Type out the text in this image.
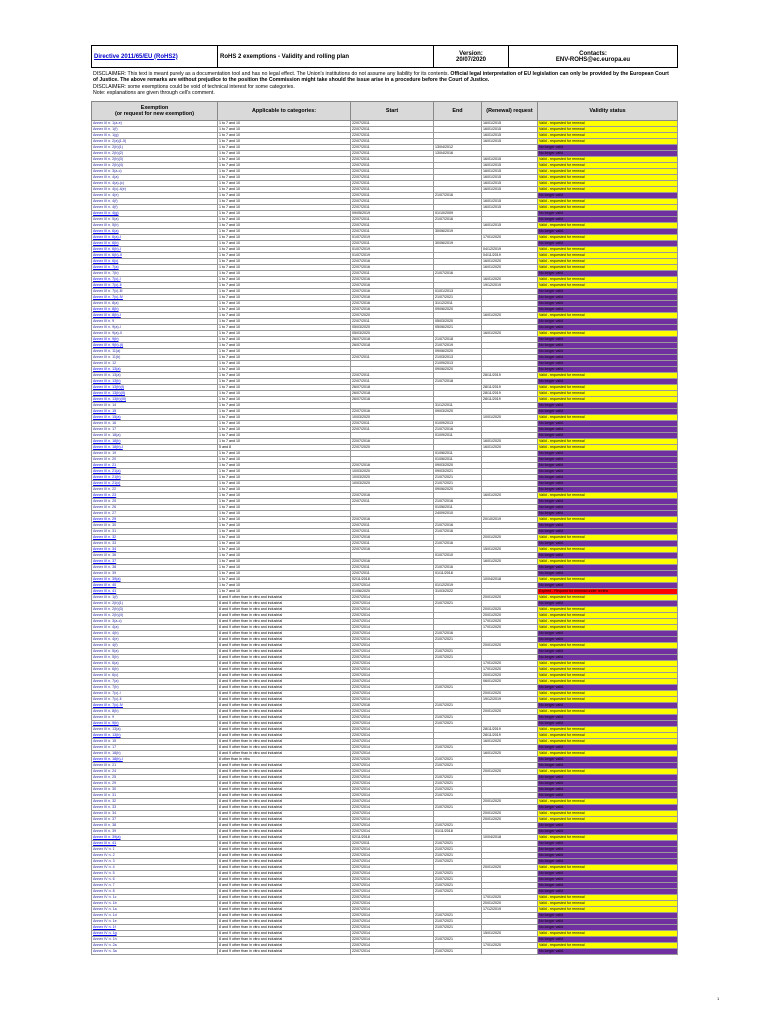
Directive 2011/65/EU (RoHS2)	RoHS 2 exemptions - Validity and rolling plan	Version:
20/07/2020

Contacts:
ENV-ROHS@ec.europa.eu
DISCLAIMER: This text is meant purely as a documentation tool and has no legal effect. The Union's institutions do not assume any liability for its contents. Official legal interpretation of EU legislation can only be provided by the European Court of Justice. The above remarks are without prejudice to the position the Commission might take should the issue arise in a procedure before the Court of Justice.
DISCLAIMER: some exemptions could be void of technical interest for some categories.
Note: explanations are given through cell's comment.
Exemption
(or request for new exemption)	Applicable to categories:	Start	End	(Renewal) request	Validity status
Annex III n. 1(a-e)	1 to 7 and 10	22/07/2011		16/01/2015	Valid - requested for renewal
Annex III n. 1(f)	1 to 7 and 10	22/07/2011		16/01/2015	Valid - requested for renewal
Annex III n. 1(g)	1 to 7 and 10	22/07/2011		16/01/2015	Valid - requested for renewal
Annex III n. 2(a)(1-5)	1 to 7 and 10	22/07/2011		16/01/2015	Valid - requested for renewal
Annex III n. 2(b)(1)	1 to 7 and 10	22/07/2011	13/04/2012		No longer valid
Annex III n. 2(b)(2)	1 to 7 and 10	22/07/2011	13/04/2016		No longer valid
Annex III n. 2(b)(3)	1 to 7 and 10	22/07/2011		16/01/2015	Valid - requested for renewal
Annex III n. 2(b)(4)	1 to 7 and 10	22/07/2011		16/01/2015	Valid - requested for renewal
Annex III n. 3(a-c)	1 to 7 and 10	22/07/2011		16/01/2015	Valid - requested for renewal
Annex III n. 4(a)	1 to 7 and 10	22/07/2011		16/01/2015	Valid - requested for renewal
Annex III n. 4(a)-(c)	1 to 7 and 10	22/07/2011		16/01/2015	Valid - requested for renewal
Annex III n. 4(c)-4(e)	1 to 7 and 10	22/07/2011		16/01/2015	Valid - requested for renewal
Annex III n. 4(e)	1 to 7 and 10	22/07/2011	21/07/2016		No longer valid
Annex III n. 4(f)	1 to 7 and 10	22/07/2011		16/01/2015	Valid - requested for renewal
Annex III n. 4(f)	1 to 7 and 10	22/07/2011		16/01/2015	Valid - requested for renewal
Annex III n. 4(g)	1 to 7 and 10	09/05/2019	01/10/2009		No longer valid
Annex III n. 5(a)	1 to 7 and 10	22/07/2011	21/07/2016		No longer valid
Annex III n. 5(b)	1 to 7 and 10	22/07/2011		16/01/2015	Valid - requested for renewal
Annex III n. 6(a)	1 to 7 and 10	22/07/2011	30/06/2019		No longer valid
Annex III n. 6(a)-I	1 to 7 and 10	01/07/2019		17/01/2020	Valid - requested for renewal
Annex III n. 6(b)	1 to 7 and 10	22/07/2011	30/06/2019		No longer valid
Annex III n. 6(b)-I	1 to 7 and 10	01/07/2019		04/12/2019	Valid - requested for renewal
Annex III n. 6(b)-II	1 to 7 and 10	01/07/2019		04/11/2019	Valid - requested for renewal
Annex III n. 6(c)	1 to 7 and 10	22/07/2016		16/01/2020	Valid - requested for renewal
Annex III n. 7(a)	1 to 7 and 10	22/07/2016		16/01/2020	Valid - requested for renewal
Annex III n. 7(b)	1 to 7 and 10	22/07/2011	21/07/2016		No longer valid
Annex III n. 7(c)-I	1 to 7 and 10	22/07/2016		16/01/2020	Valid - requested for renewal
Annex III n. 7(c)-II	1 to 7 and 10	22/07/2016		19/12/2019	Valid - requested for renewal
Annex III n. 7(c)-III	1 to 7 and 10	22/07/2016	01/01/2013		No longer valid
Annex III n. 7(c)-IV	1 to 7 and 10	22/07/2016	21/07/2021		No longer valid
Annex III n. 8(a)	1 to 7 and 10	22/07/2016	31/12/2011		No longer valid
Annex III n. 8(b)	1 to 7 and 10	22/07/2016	09/06/2020		No longer valid
Annex III n. 8(b)-I	1 to 7 and 10	22/07/2020		16/01/2020	Valid - requested for renewal
Annex III n. 9	1 to 7 and 10	22/07/2011	05/03/2020		No longer valid
Annex III n. 9(a)-I	1 to 7 and 10	05/03/2020	05/06/2021		No longer valid
Annex III n. 9(a)-II	1 to 7 and 10	05/03/2020		16/01/2020	Valid - requested for renewal
Annex III n. 9(b)	1 to 7 and 10	26/07/2018	21/07/2018		No longer valid
Annex III n. 9(b)-(I)	1 to 7 and 10	26/07/2018	21/07/2019		No longer valid
Annex III n. 11(a)	1 to 7 and 10		09/06/2020		No longer valid
Annex III n. 11(b)	1 to 7 and 10	22/07/2011	21/03/2013		No longer valid
Annex III n. 12	1 to 7 and 10		21/09/2013		No longer valid
Annex III n. 13(a)	1 to 7 and 10		09/06/2020		No longer valid
Annex III n. 13(a)	1 to 7 and 10	22/07/2011		28/11/2019	Valid - requested for renewal
Annex III n. 13(b)	1 to 7 and 10	22/07/2011	21/07/2018		No longer valid
Annex III n. 13(b)(I)	1 to 7 and 10	26/07/2018		28/11/2019	Valid - requested for renewal
Annex III n. 13(b)(II)	1 to 7 and 10	26/07/2018		28/11/2019	Valid - requested for renewal
Annex III n. 13(b)(III)	1 to 7 and 10	26/07/2018		28/11/2019	Valid - requested for renewal
Annex III n. 14	1 to 7 and 10		31/12/2011		No longer valid
Annex III n. 15	1 to 7 and 10	22/07/2016	09/03/2020		No longer valid
Annex III n. 15(a)	1 to 7 and 10	10/03/2020		10/01/2020	Valid - requested for renewal
Annex III n. 16	1 to 7 and 10	22/07/2011	01/09/2013		No longer valid
Annex III n. 17	1 to 7 and 10	22/07/2011	21/07/2016		No longer valid
Annex III n. 18(a)	1 to 7 and 10		01/09/2011		No longer valid
Annex III n. 18(b)	1 to 7 and 10	22/07/2016		16/01/2020	Valid - requested for renewal
Annex III n. 18(b)-I	5 and 8	22/07/2020		16/01/2020	Valid - requested for renewal
Annex III n. 19	1 to 7 and 10		01/06/2011		No longer valid
Annex III n. 20	1 to 7 and 10		01/06/2011		No longer valid
Annex III n. 21	1 to 7 and 10	22/07/2016	09/03/2020		No longer valid
Annex III n. 21(a)	1 to 7 and 10	10/03/2020	09/03/2021		No longer valid
Annex III n. 21(b)	1 to 7 and 10	10/03/2020	21/07/2021		No longer valid
Annex III n. 21(c)	1 to 7 and 10	10/03/2020	21/07/2021		No longer valid
Annex III n. 22	1 to 7 and 10		09/06/2020		No longer valid
Annex III n. 23	1 to 7 and 10	22/07/2016		16/01/2020	Valid - requested for renewal
Annex III n. 25	1 to 7 and 10	22/07/2011	21/07/2016		No longer valid
Annex III n. 26	1 to 7 and 10		01/06/2011		No longer valid
Annex III n. 27	1 to 7 and 10		24/09/2010		No longer valid
Annex III n. 29	1 to 7 and 10	22/07/2016		20/10/2019	Valid - requested for renewal
Annex III n. 30	1 to 7 and 10	22/07/2011	21/07/2016		No longer valid
Annex III n. 31	1 to 7 and 10	22/07/2011	21/07/2016		No longer valid
Annex III n. 32	1 to 7 and 10	22/07/2016		20/01/2020	Valid - requested for renewal
Annex III n. 33	1 to 7 and 10	22/07/2011	21/07/2016		No longer valid
Annex III n. 34	1 to 7 and 10	22/07/2016		15/01/2020	Valid - requested for renewal
Annex III n. 36	1 to 7 and 10		01/07/2010		No longer valid
Annex III n. 37	1 to 7 and 10	22/07/2016		16/01/2020	Valid - requested for renewal
Annex III n. 38	1 to 7 and 10	22/07/2011	21/07/2016		No longer valid
Annex III n. 39	1 to 7 and 10	22/07/2011	01/11/2018		No longer valid
Annex III n. 39(a)	1 to 7 and 10	02/11/2018		10/04/2018	Valid - requested for renewal
Annex III n. 40	1 to 7 and 10	22/07/2014	01/12/2019		No longer valid
Annex III n. 41	1 to 7 and 10	01/06/2020	31/03/2022		Expired - Request for renewal under review
Annex III n. 1(f)	8 and 9 other than in vitro and industrial	22/07/2014		20/01/2020	Valid - requested for renewal
Annex III n. 2(b)(1)	8 and 9 other than in vitro and industrial	22/07/2014	21/07/2021		No longer valid
Annex III n. 2(b)(3)	8 and 9 other than in vitro and industrial	22/07/2014		20/01/2020	Valid - requested for renewal
Annex III n. 2(b)(4)	8 and 9 other than in vitro and industrial	22/07/2014		20/01/2020	Valid - requested for renewal
Annex III n. 3(a-c)	8 and 9 other than in vitro and industrial	22/07/2014		17/01/2020	Valid - requested for renewal
Annex III n. 4(a)	8 and 9 other than in vitro and industrial	22/07/2014		17/01/2020	Valid - requested for renewal
Annex III n. 4(b)	8 and 9 other than in vitro and industrial	22/07/2014	21/07/2016		No longer valid
Annex III n. 4(e)	8 and 9 other than in vitro and industrial	22/07/2014	21/07/2021		No longer valid
Annex III n. 4(f)	8 and 9 other than in vitro and industrial	22/07/2014		20/01/2020	Valid - requested for renewal
Annex III n. 5(a)	8 and 9 other than in vitro and industrial	22/07/2014	21/07/2021		No longer valid
Annex III n. 5(b)	8 and 9 other than in vitro and industrial	22/07/2014	21/07/2021		No longer valid
Annex III n. 6(a)	8 and 9 other than in vitro and industrial	22/07/2014		17/01/2020	Valid - requested for renewal
Annex III n. 6(b)	8 and 9 other than in vitro and industrial	22/07/2014		17/01/2020	Valid - requested for renewal
Annex III n. 6(c)	8 and 9 other than in vitro and industrial	22/07/2014		20/01/2020	Valid - requested for renewal
Annex III n. 7(a)	8 and 9 other than in vitro and industrial	22/07/2014		06/01/2020	Valid - requested for renewal
Annex III n. 7(b)	8 and 9 other than in vitro and industrial	22/07/2014	21/07/2021		No longer valid
Annex III n. 7(c)-I	8 and 9 other than in vitro and industrial	22/07/2014		20/01/2020	Valid - requested for renewal
Annex III n. 7(c)-II	8 and 9 other than in vitro and industrial	22/07/2014		19/12/2019	Valid - requested for renewal
Annex III n. 7(c)-IV	8 and 9 other than in vitro and industrial	22/07/2016	21/07/2021		No longer valid
Annex III n. 8(b)	8 and 9 other than in vitro and industrial	22/07/2014		20/01/2020	Valid - requested for renewal
Annex III n. 9	8 and 9 other than in vitro and industrial	22/07/2014	21/07/2021		No longer valid
Annex III n. 9(b)	8 and 9 other than in vitro and industrial	22/07/2014	21/07/2021		No longer valid
Annex III n. 13(a)	8 and 9 other than in vitro and industrial	22/07/2014		28/11/2019	Valid - requested for renewal
Annex III n. 13(b)	8 and 9 other than in vitro and industrial	22/07/2014		28/11/2019	Valid - requested for renewal
Annex III n. 15	8 and 9 other than in vitro and industrial	22/07/2014		16/01/2020	Valid - requested for renewal
Annex III n. 17	8 and 9 other than in vitro and industrial	22/07/2014	21/07/2021		No longer valid
Annex III n. 18(b)	8 and 9 other than in vitro and industrial	22/07/2014		16/01/2020	Valid - requested for renewal
Annex III n. 18(b)-I	8 other than in vitro	22/07/2020	21/07/2021		No longer valid
Annex III n. 21	8 and 9 other than in vitro and industrial	22/07/2014	21/07/2021		No longer valid
Annex III n. 24	8 and 9 other than in vitro and industrial	22/07/2014		20/01/2020	Valid - requested for renewal
Annex III n. 25	8 and 9 other than in vitro and industrial	22/07/2014	21/07/2021		No longer valid
Annex III n. 29	8 and 9 other than in vitro and industrial	22/07/2014	21/07/2021		No longer valid
Annex III n. 30	8 and 9 other than in vitro and industrial	22/07/2014	21/07/2021		No longer valid
Annex III n. 31	8 and 9 other than in vitro and industrial	22/07/2014	21/07/2021		No longer valid
Annex III n. 32	8 and 9 other than in vitro and industrial	22/07/2014		20/01/2020	Valid - requested for renewal
Annex III n. 33	8 and 9 other than in vitro and industrial	22/07/2014	21/07/2021		No longer valid
Annex III n. 34	8 and 9 other than in vitro and industrial	22/07/2014		20/01/2020	Valid - requested for renewal
Annex III n. 37	8 and 9 other than in vitro and industrial	22/07/2014		20/01/2020	Valid - requested for renewal
Annex III n. 38	8 and 9 other than in vitro and industrial	22/07/2014	21/07/2021		No longer valid
Annex III n. 39	8 and 9 other than in vitro and industrial	22/07/2014	01/11/2018		No longer valid
Annex III n. 39(a)	8 and 9 other than in vitro and industrial	02/11/2018		10/04/2018	Valid - requested for renewal
Annex III n. 41	8 and 9 other than in vitro and industrial	22/07/2011	21/07/2021		No longer valid
Annex IV n. 1	8 and 9 other than in vitro and industrial	22/07/2014	21/07/2021		No longer valid
Annex IV n. 2	8 and 9 other than in vitro and industrial	22/07/2014	21/07/2021		No longer valid
Annex IV n. 3	8 and 9 other than in vitro and industrial	22/07/2014	21/07/2021		No longer valid
Annex IV n. 4	8 and 9 other than in vitro and industrial	22/07/2014		20/01/2020	Valid - requested for renewal
Annex IV n. 5	8 and 9 other than in vitro and industrial	22/07/2014	21/07/2021		No longer valid
Annex IV n. 6	8 and 9 other than in vitro and industrial	22/07/2014	21/07/2021		No longer valid
Annex IV n. 7	8 and 9 other than in vitro and industrial	22/07/2014	21/07/2021		No longer valid
Annex IV n. 8	8 and 9 other than in vitro and industrial	22/07/2014	21/07/2021		No longer valid
Annex IV n. 1c	8 and 9 other than in vitro and industrial	22/07/2014		17/01/2020	Valid - requested for renewal
Annex IV n. 1b	8 and 9 other than in vitro and industrial	22/07/2014		20/01/2020	Valid - requested for renewal
Annex IV n. 1a	8 and 9 other than in vitro and industrial	22/07/2014		17/12/2019	Valid - requested for renewal
Annex IV n. 1d	8 and 9 other than in vitro and industrial	22/07/2014	21/07/2021		No longer valid
Annex IV n. 1e	8 and 9 other than in vitro and industrial	22/07/2014	21/07/2021		No longer valid
Annex IV n. 1f	8 and 9 other than in vitro and industrial	22/07/2014	21/07/2021		No longer valid
Annex IV n. 1g	8 and 9 other than in vitro and industrial	22/07/2014		15/01/2020	Valid - requested for renewal
Annex IV n. 1h	8 and 9 other than in vitro and industrial	22/07/2014	21/07/2021		No longer valid
Annex IV n. 2a	8 and 9 other than in vitro and industrial	22/07/2014		17/01/2020	Valid - requested for renewal
Annex IV n. 3a	8 and 9 other than in vitro and industrial	22/07/2014	21/07/2021		No longer valid
1
